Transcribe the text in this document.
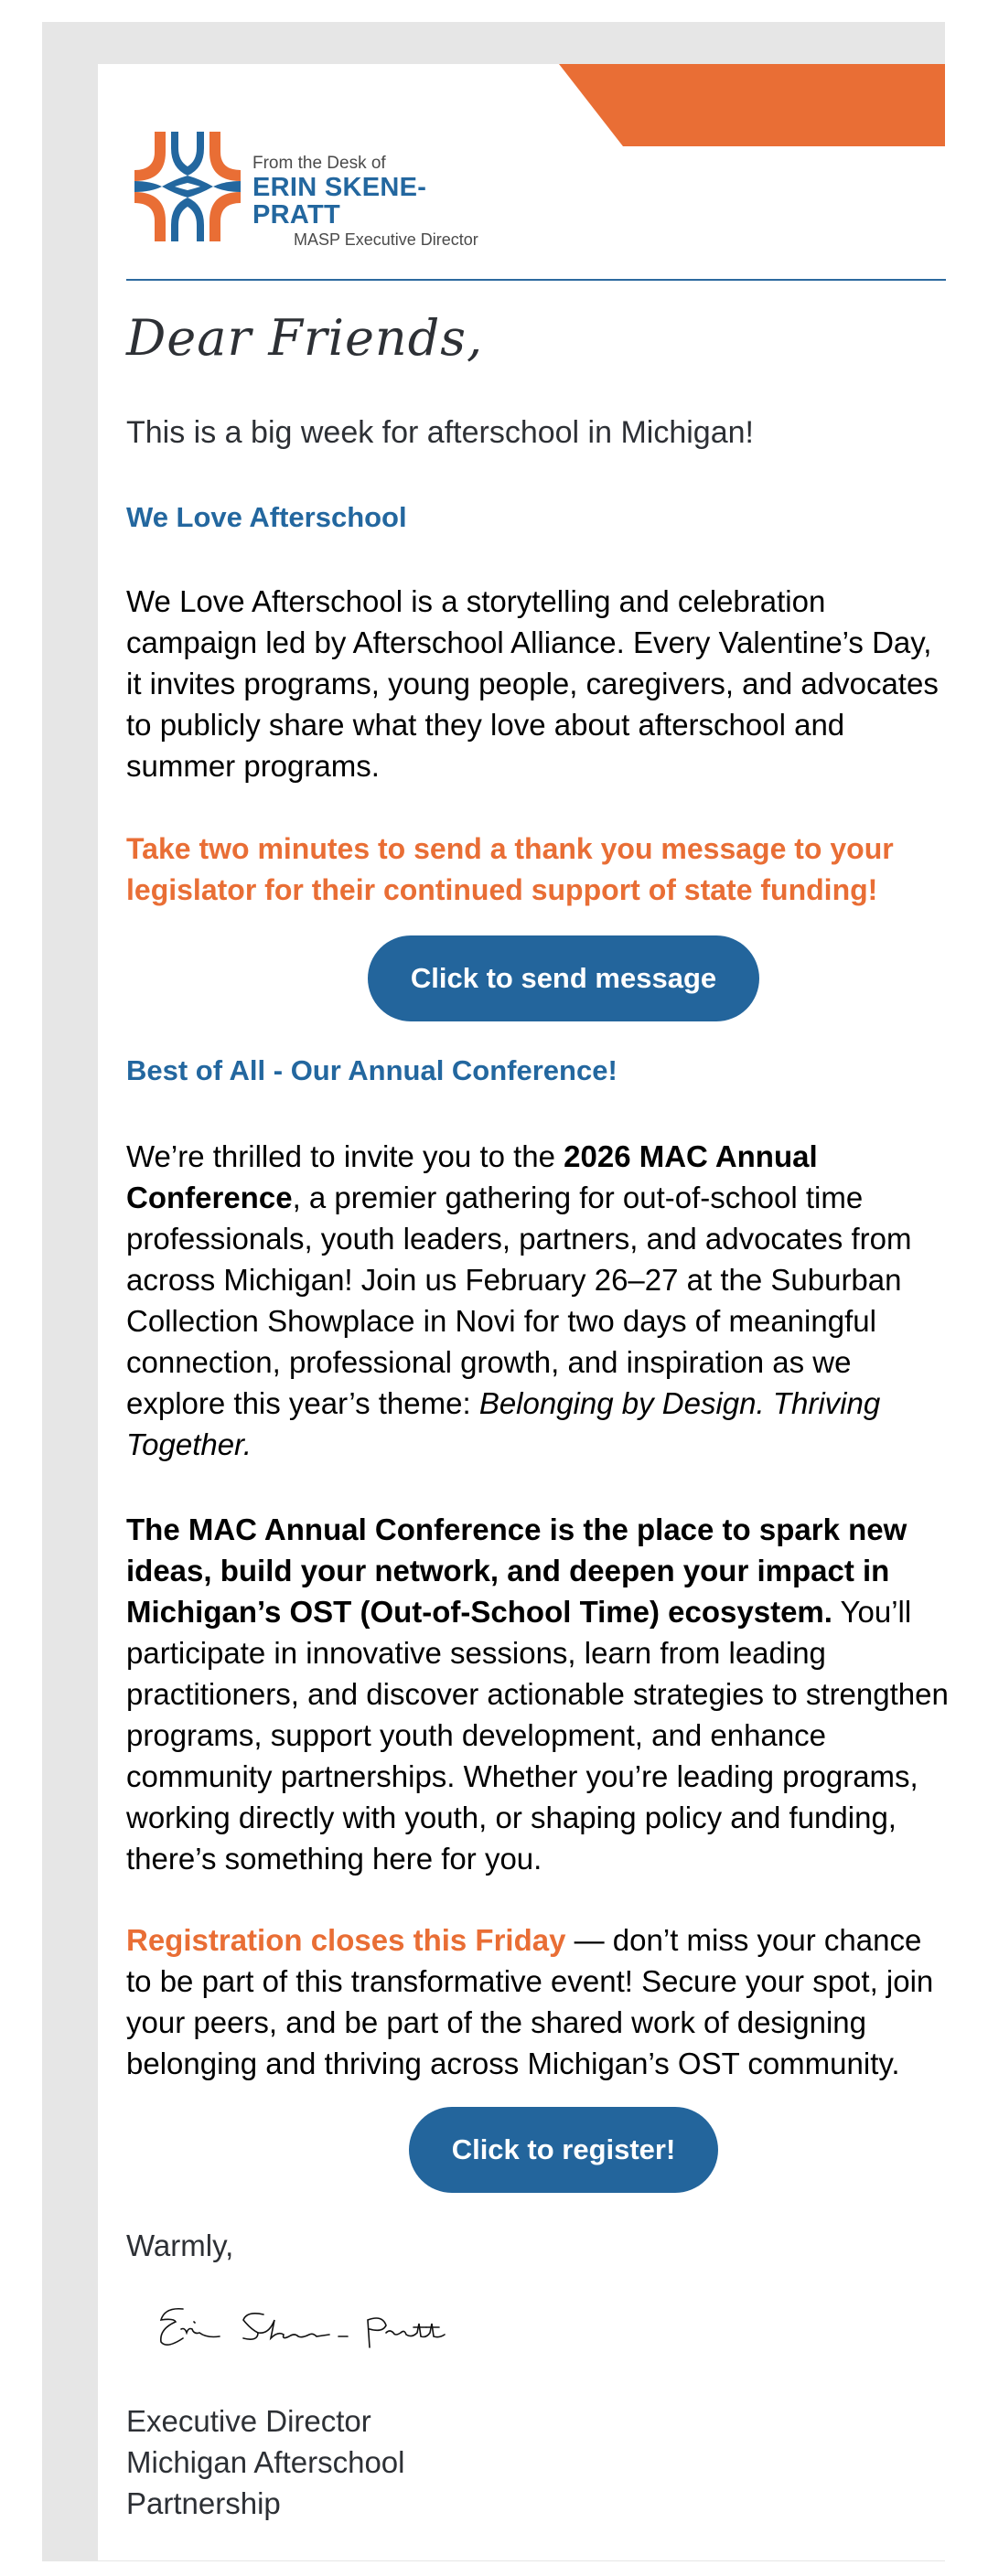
From the Desk of
ERIN SKENE-PRATT
MASP Executive Director
Dear Friends,
This is a big week for afterschool in Michigan!
We Love Afterschool
We Love Afterschool is a storytelling and celebration campaign led by Afterschool Alliance. Every Valentine’s Day, it invites programs, young people, caregivers, and advocates to publicly share what they love about afterschool and summer programs.
Take two minutes to send a thank you message to your legislator for their continued support of state funding!
Click to send message
Best of All - Our Annual Conference!
We’re thrilled to invite you to the 2026 MAC Annual Conference, a premier gathering for out-of-school time professionals, youth leaders, partners, and advocates from across Michigan! Join us February 26–27 at the Suburban Collection Showplace in Novi for two days of meaningful connection, professional growth, and inspiration as we explore this year’s theme: Belonging by Design. Thriving Together.
The MAC Annual Conference is the place to spark new ideas, build your network, and deepen your impact in Michigan’s OST (Out-of-School Time) ecosystem. You’ll participate in innovative sessions, learn from leading practitioners, and discover actionable strategies to strengthen programs, support youth development, and enhance community partnerships. Whether you’re leading programs, working directly with youth, or shaping policy and funding, there’s something here for you.
Registration closes this Friday — don’t miss your chance to be part of this transformative event! Secure your spot, join your peers, and be part of the shared work of designing belonging and thriving across Michigan’s OST community.
Click to register!
Warmly,
Executive Director
Michigan Afterschool
Partnership
